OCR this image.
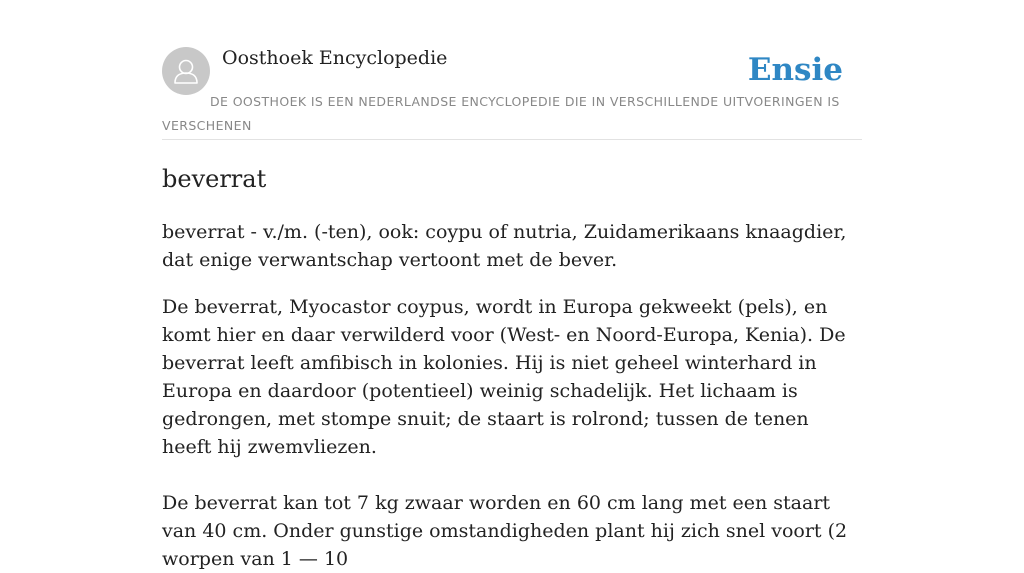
Oosthoek Encyclopedie	Ensie
DE OOSTHOEK IS EEN NEDERLANDSE ENCYCLOPEDIE DIE IN VERSCHILLENDE UITVOERINGEN IS VERSCHENEN
beverrat

beverrat - v./m. (-ten), ook: coypu of nutria, Zuidamerikaans knaagdier, dat enige verwantschap vertoont met de bever.

De beverrat, Myocastor coypus, wordt in Europa gekweekt (pels), en komt hier en daar verwilderd voor (West- en Noord-Europa, Kenia). De beverrat leeft amfibisch in kolonies. Hij is niet geheel winterhard in Europa en daardoor (potentieel) weinig schadelijk. Het lichaam is gedrongen, met stompe snuit; de staart is rolrond; tussen de tenen heeft hij zwemvliezen.

De beverrat kan tot 7 kg zwaar worden en 60 cm lang met een staart van 40 cm. Onder gunstige omstandigheden plant hij zich snel voort (2 worpen van 1 — 10
